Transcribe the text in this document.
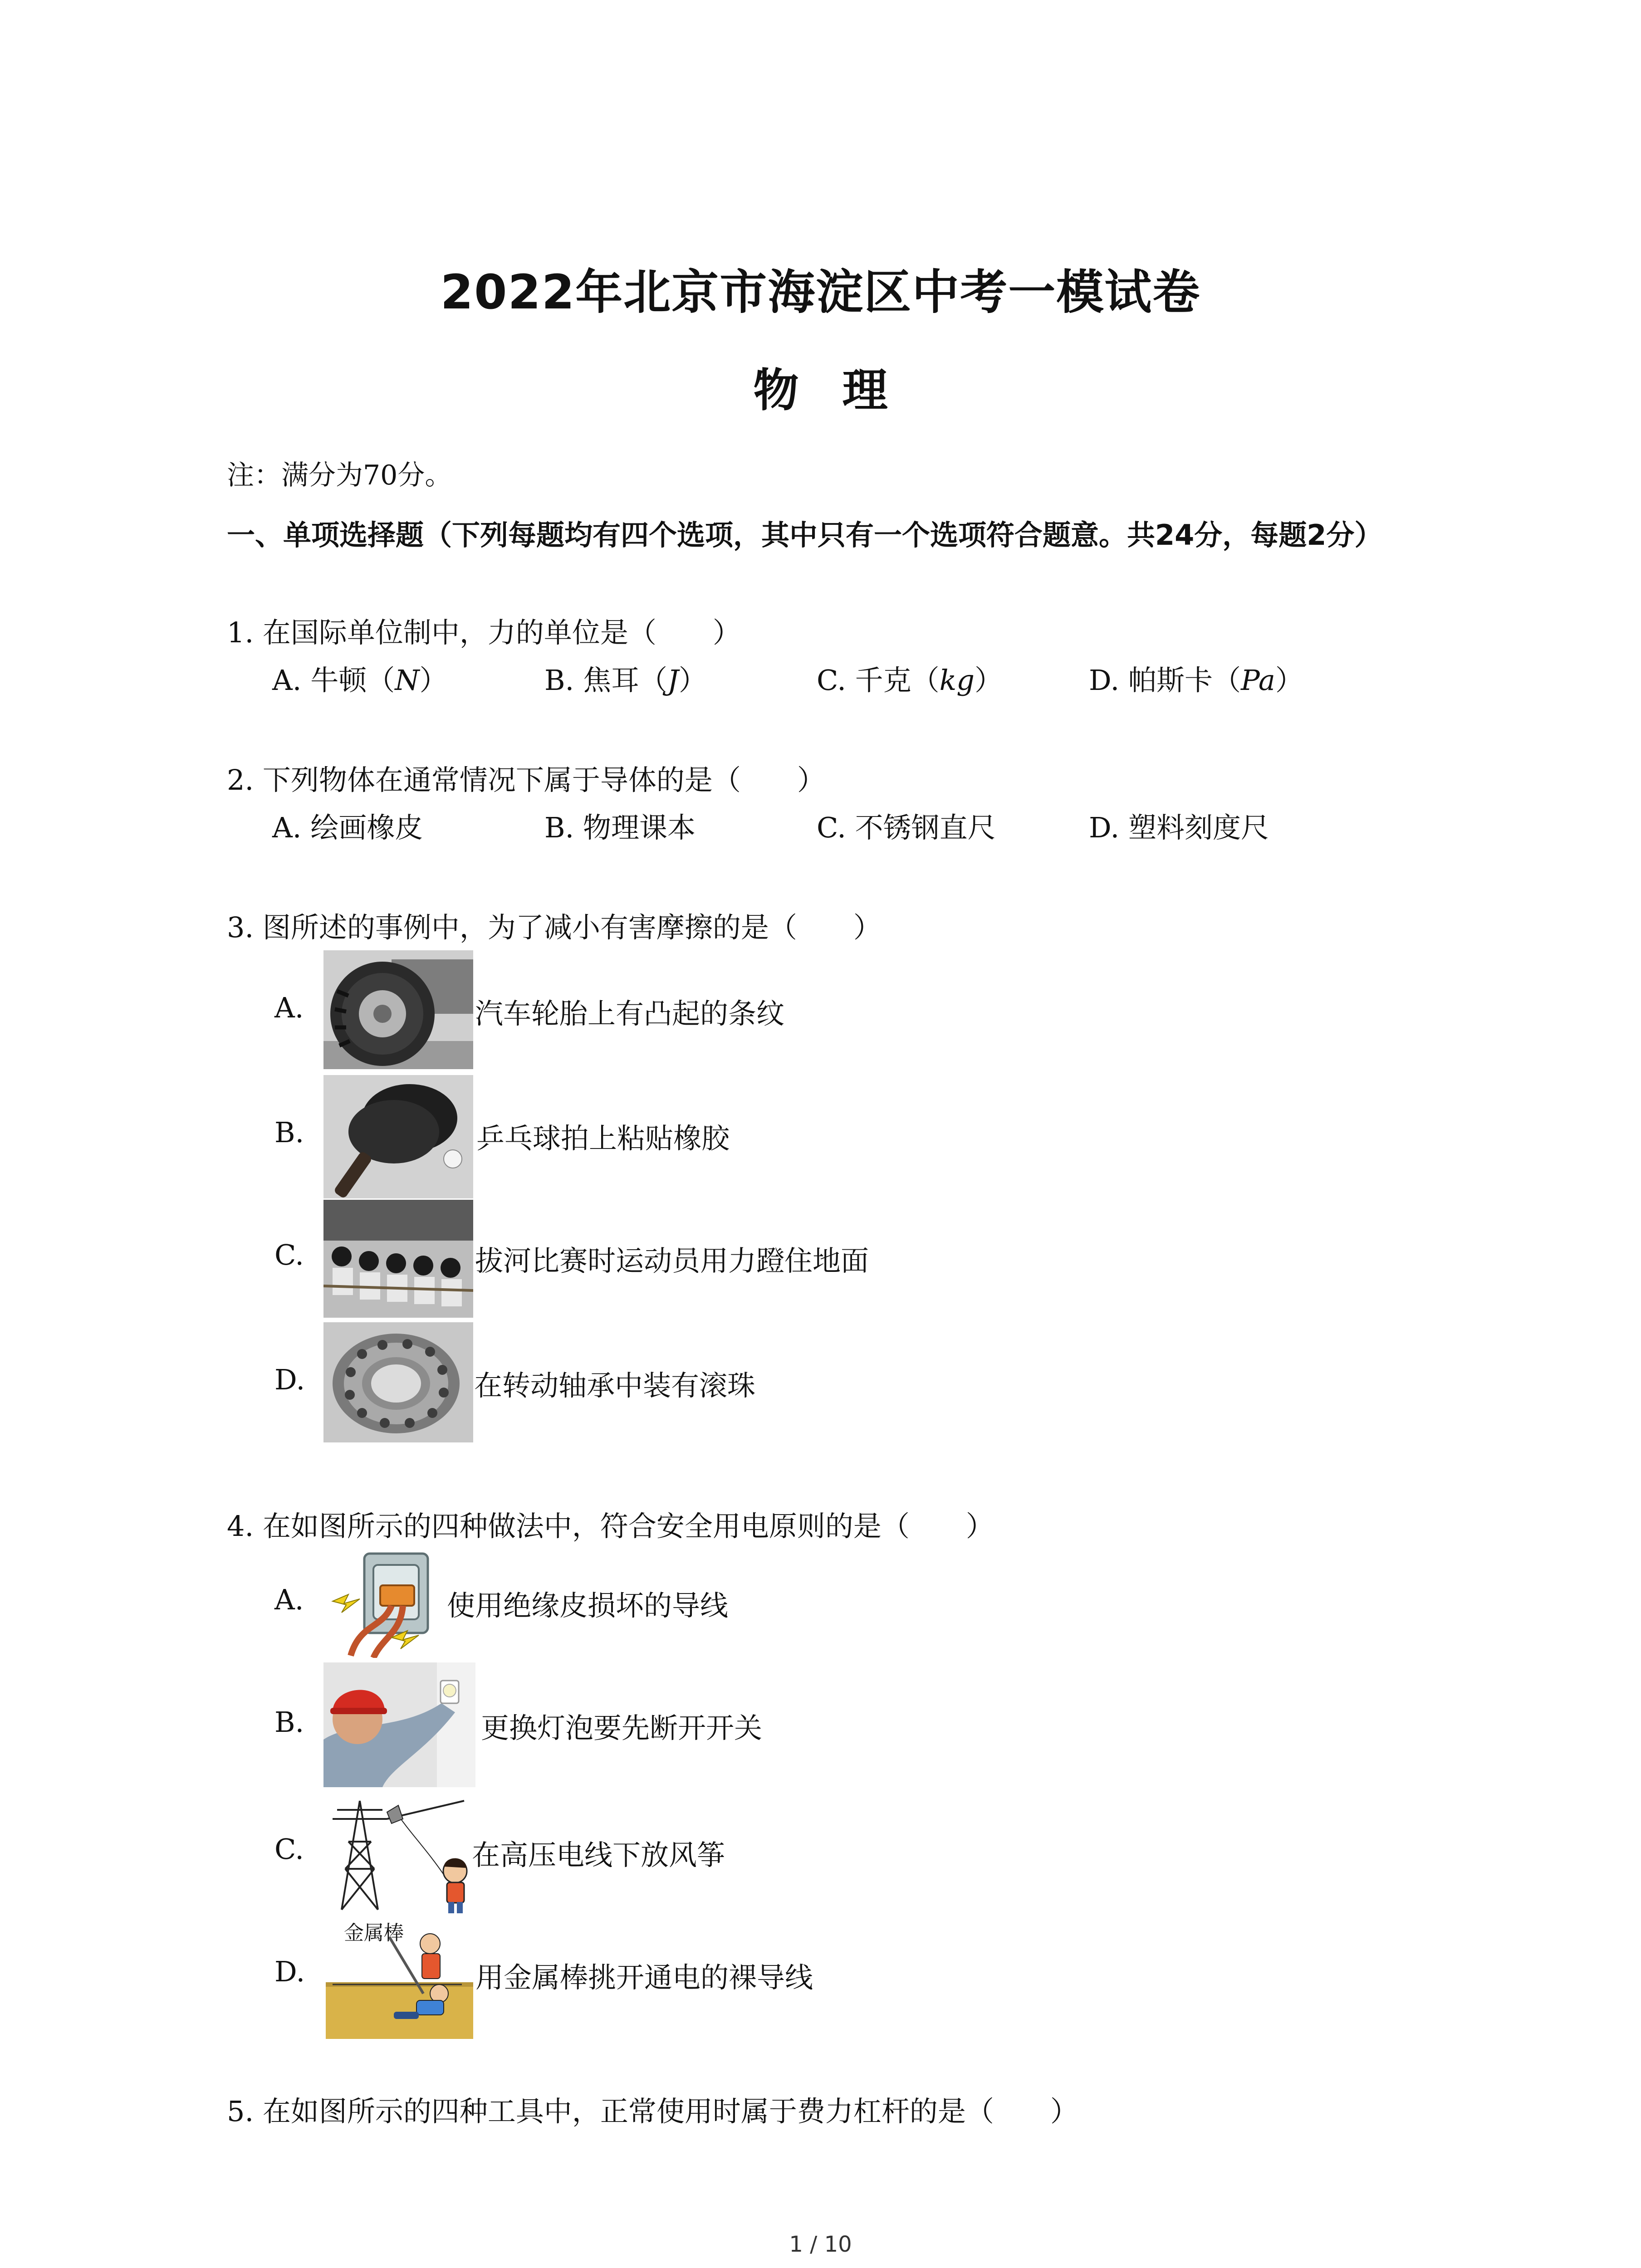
2022年北京市海淀区中考一模试卷
物理
注：满分为70分。
一、单项选择题（下列每题均有四个选项，其中只有一个选项符合题意。共24分，每题2分）
1. 在国际单位制中，力的单位是（　　）
A. 牛顿（N）	B. 焦耳（J）	C. 千克（kg）	D. 帕斯卡（Pa）
2. 下列物体在通常情况下属于导体的是（　　）
A. 绘画橡皮	B. 物理课本	C. 不锈钢直尺	D. 塑料刻度尺
3. 图所述的事例中，为了减小有害摩擦的是（　　）
A.	汽车轮胎上有凸起的条纹
B.	乒乓球拍上粘贴橡胶
C.	拔河比赛时运动员用力蹬住地面
D.	在转动轴承中装有滚珠
4. 在如图所示的四种做法中，符合安全用电原则的是（　　）
A.	使用绝缘皮损坏的导线
B.	更换灯泡要先断开开关
C.	在高压电线下放风筝
D.
金属棒
用金属棒挑开通电的裸导线
5. 在如图所示的四种工具中，正常使用时属于费力杠杆的是（　　）
1 / 10
